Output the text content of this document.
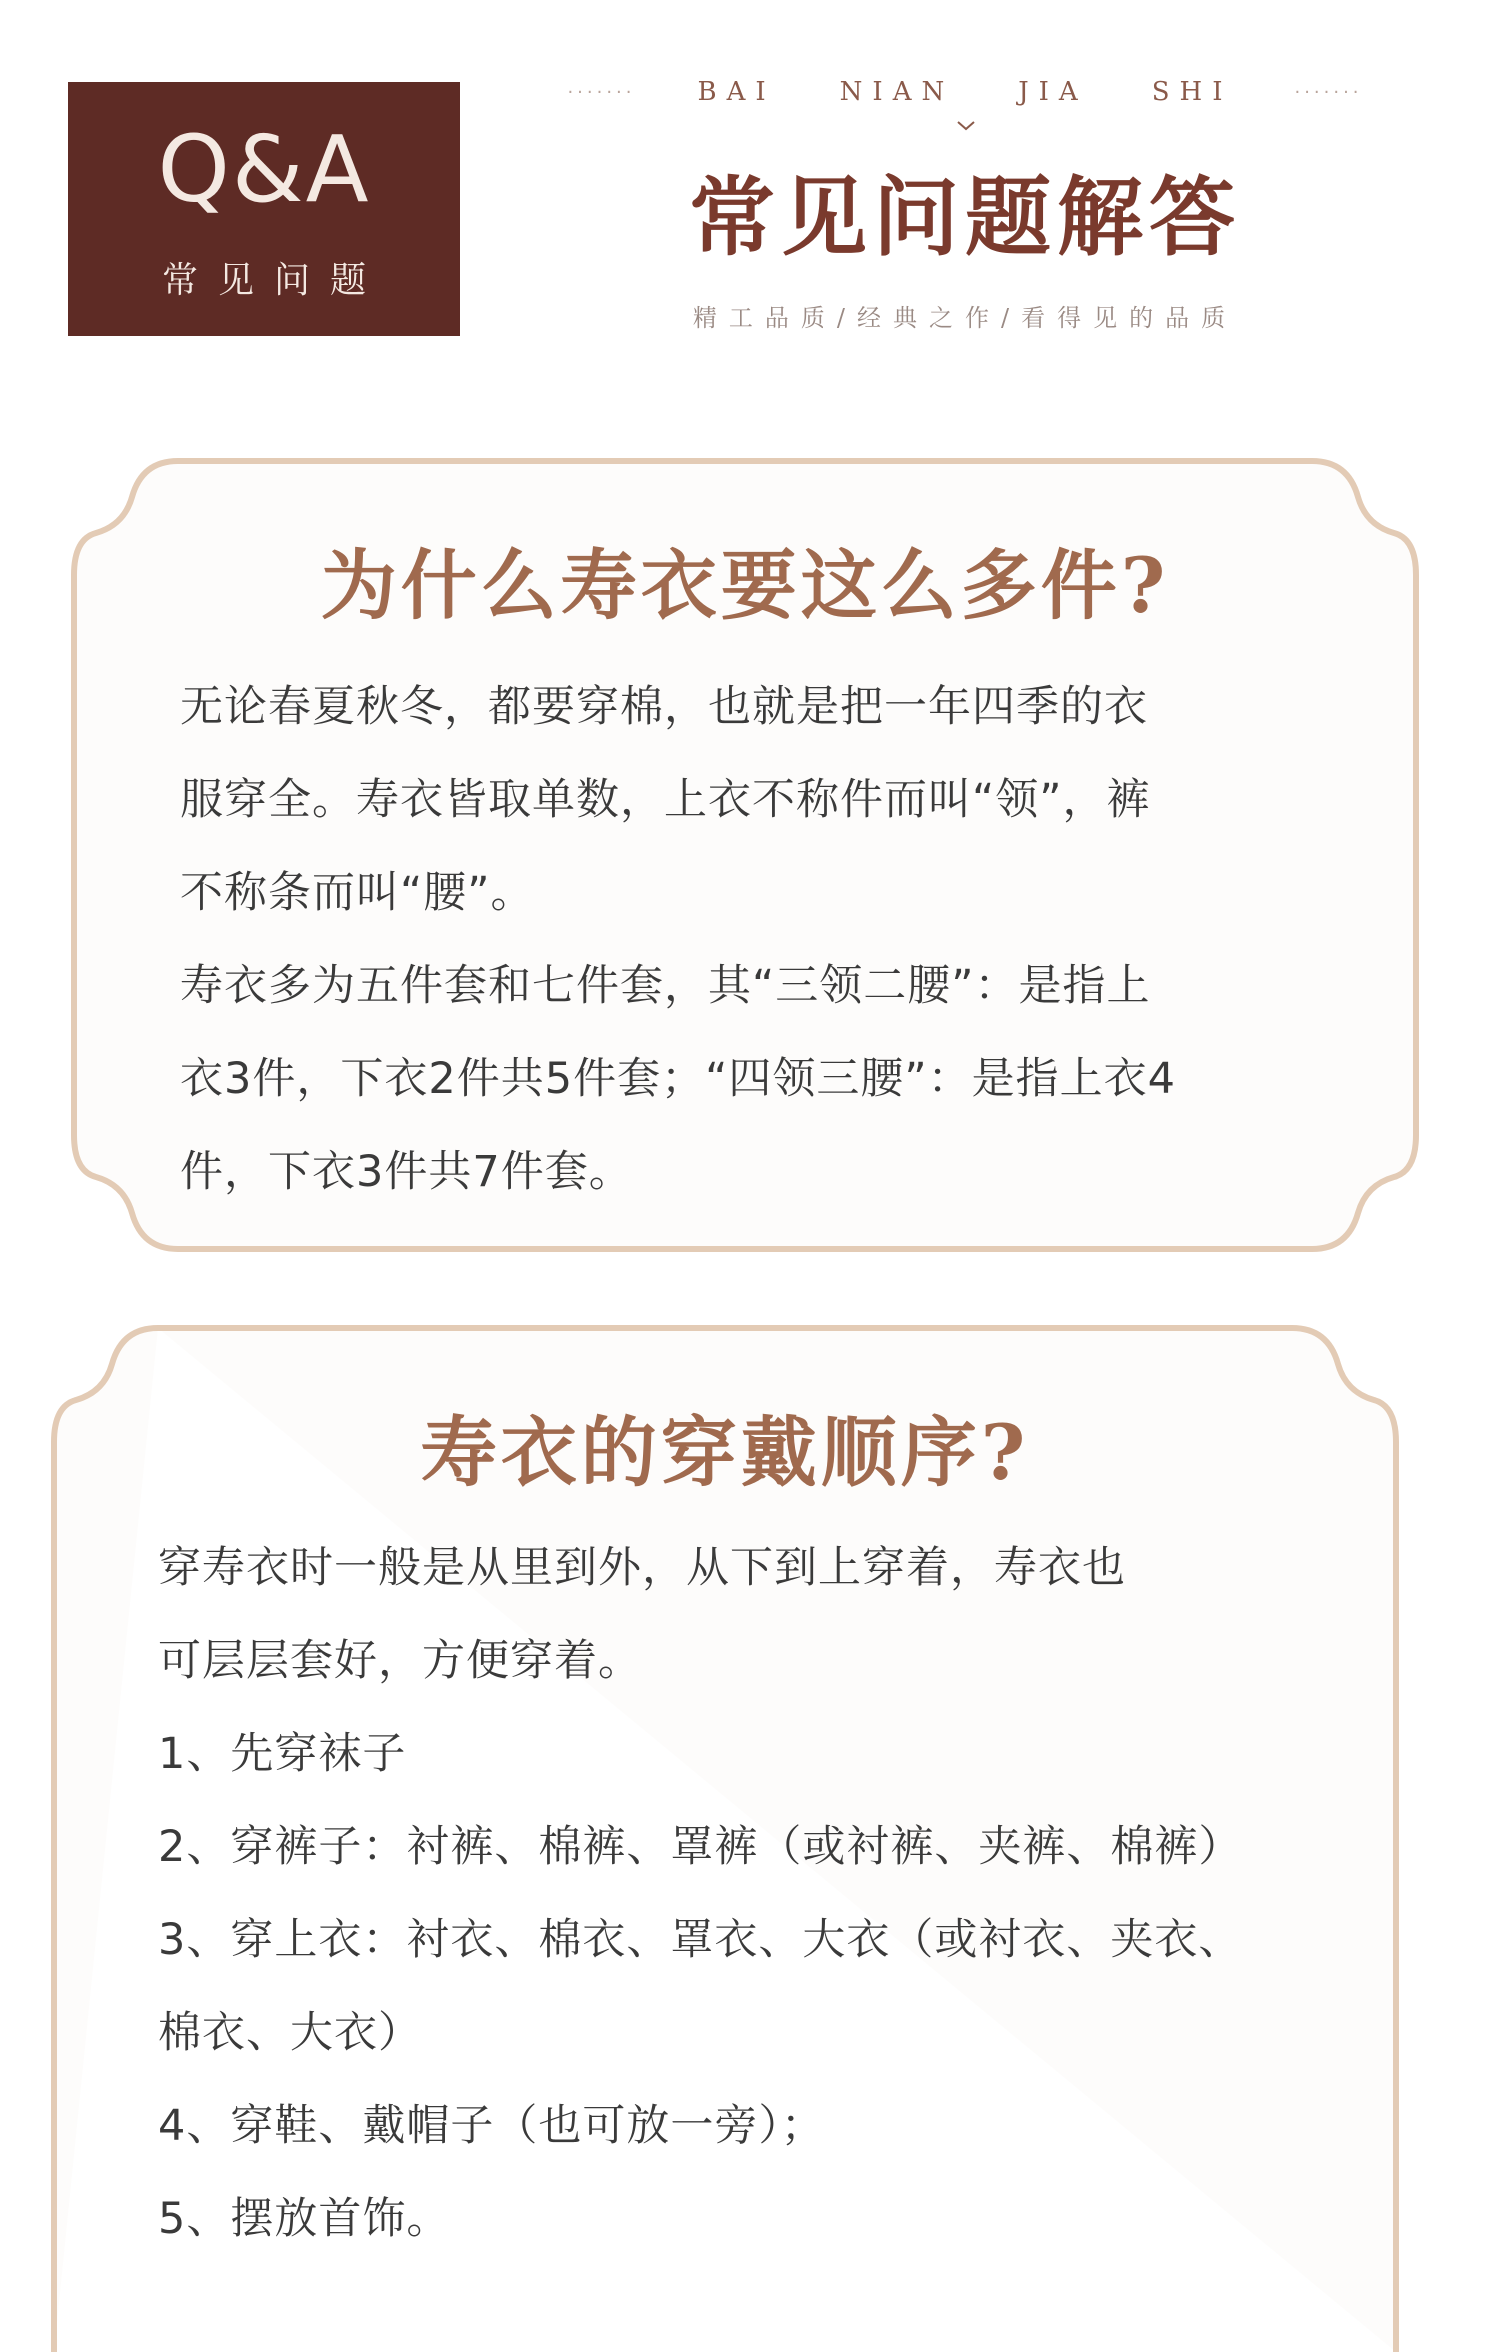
Q&A
常见问题
······· BAI NIAN JIA SHI	·······
常见问题解答
精工品质/经典之作/看得见的品质
为什么寿衣要这么多件?

无论春夏秋冬，都要穿棉，也就是把一年四季的衣

服穿全。寿衣皆取单数，上衣不称件而叫“领”，裤

不称条而叫“腰”。

寿衣多为五件套和七件套，其“三领二腰”：是指上

衣3件，下衣2件共5件套；“四领三腰”：是指上衣4

件，下衣3件共7件套。

寿衣的穿戴顺序?

穿寿衣时一般是从里到外，从下到上穿着，寿衣也

可层层套好，方便穿着。

1、先穿袜子

2、穿裤子：衬裤、棉裤、罩裤（或衬裤、夹裤、棉裤）

3、穿上衣：衬衣、棉衣、罩衣、大衣（或衬衣、夹衣、

棉衣、大衣）

4、穿鞋、戴帽子（也可放一旁）；

5、摆放首饰。
